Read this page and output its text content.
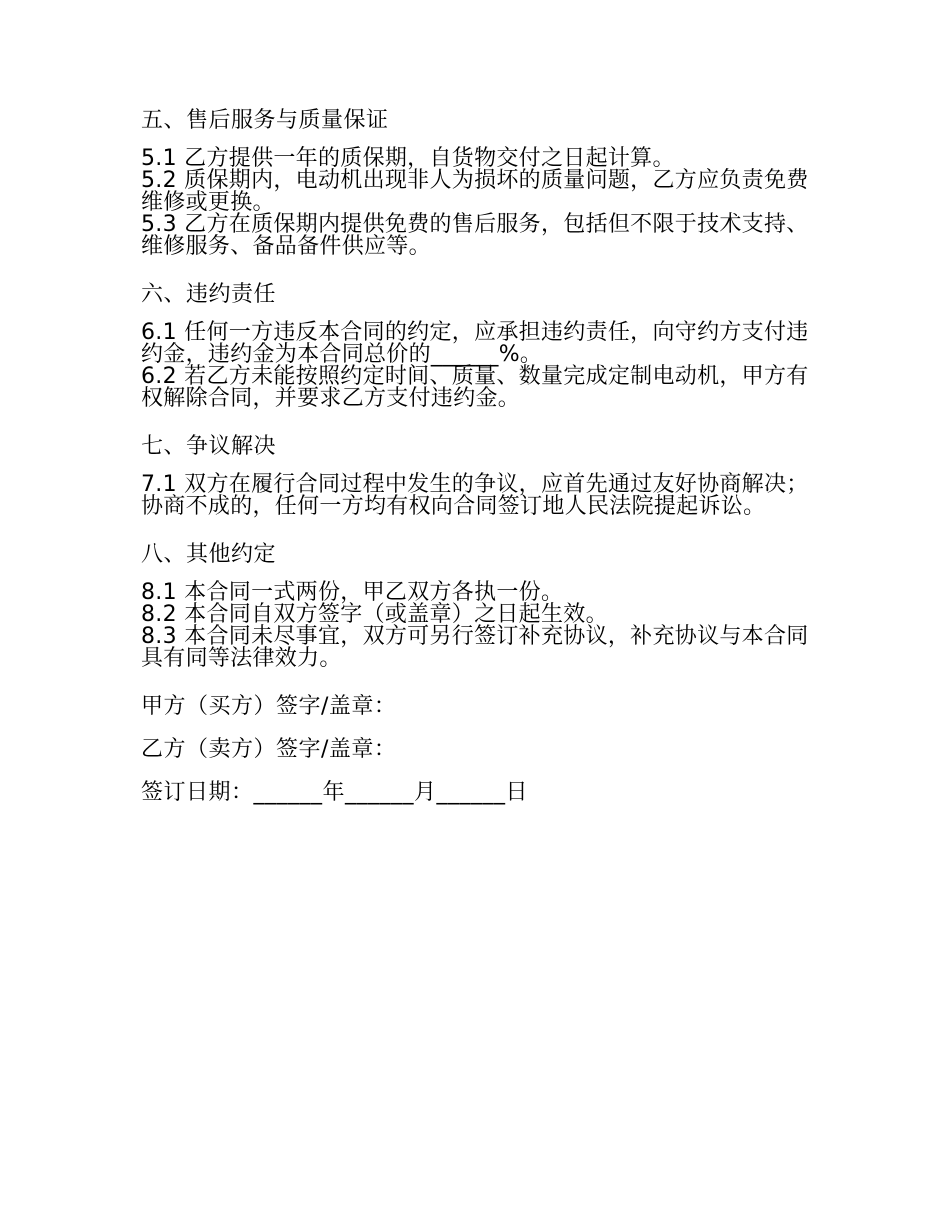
五、售后服务与质量保证

5.1 乙方提供一年的质保期，自货物交付之日起计算。

5.2 质保期内，电动机出现非人为损坏的质量问题，乙方应负责免费维修或更换。

5.3 乙方在质保期内提供免费的售后服务，包括但不限于技术支持、维修服务、备品备件供应等。

六、违约责任

6.1 任何一方违反本合同的约定，应承担违约责任，向守约方支付违约金，违约金为本合同总价的______%。

6.2 若乙方未能按照约定时间、质量、数量完成定制电动机，甲方有权解除合同，并要求乙方支付违约金。

七、争议解决

7.1 双方在履行合同过程中发生的争议，应首先通过友好协商解决；协商不成的，任何一方均有权向合同签订地人民法院提起诉讼。

八、其他约定

8.1 本合同一式两份，甲乙双方各执一份。

8.2 本合同自双方签字（或盖章）之日起生效。

8.3 本合同未尽事宜，双方可另行签订补充协议，补充协议与本合同具有同等法律效力。

甲方（买方）签字/盖章：
乙方（卖方）签字/盖章：
签订日期：______年______月______日
